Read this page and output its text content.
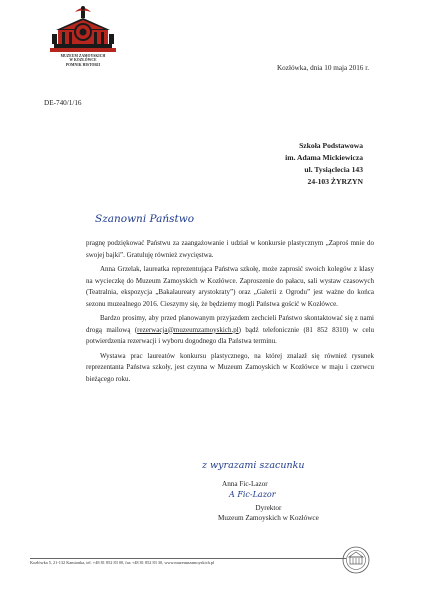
MUZEUM ZAMOYSKICH
W KOZŁÓWCE
POMNIK HISTORII	Kozłówka, dnia 10 maja 2016 r.
DE-740/1/16
Szkoła Podstawowa
im. Adama Mickiewicza
ul. Tysiąclecia 143
24-103 ŻYRZYN
Szanowni Państwo

pragnę podziękować Państwu za zaangażowanie i udział w konkursie plastycznym „Zaproś mnie do swojej bajki”. Gratuluję również zwycięstwa.

Anna Grzelak, laureatka reprezentująca Państwa szkołę, może zaprosić swoich kolegów z klasy na wycieczkę do Muzeum Zamoyskich w Kozłówce. Zaproszenie do pałacu, sali wystaw czasowych (Teatralnia, ekspozycja „Bakalaureaty arystokraty”) oraz „Galerii z Ogrodu” jest ważne do końca sezonu muzealnego 2016. Cieszymy się, że będziemy mogli Państwa gościć w Kozłówce.

Bardzo prosimy, aby przed planowanym przyjazdem zechcieli Państwo skontaktować się z nami drogą mailową (rezerwacja@muzeumzamoyskich.pl) bądź telefonicznie (81 852 8310) w celu potwierdzenia rezerwacji i wyboru dogodnego dla Państwa terminu.

Wystawa prac laureatów konkursu plastycznego, na której znalazł się również rysunek reprezentanta Państwa szkoły, jest czynna w Muzeum Zamoyskich w Kozłówce w maju i czerwcu bieżącego roku.

z wyrazami szacunku
Anna Fic-Lazor
A Fic-Lazor
Dyrektor
Muzeum Zamoyskich w Kozłówce
Kozłówka 5, 21-132 Kamionka, tel. +48 81 852 83 00, fax +48 81 852 83 30, www.muzeumzamoyskich.pl
